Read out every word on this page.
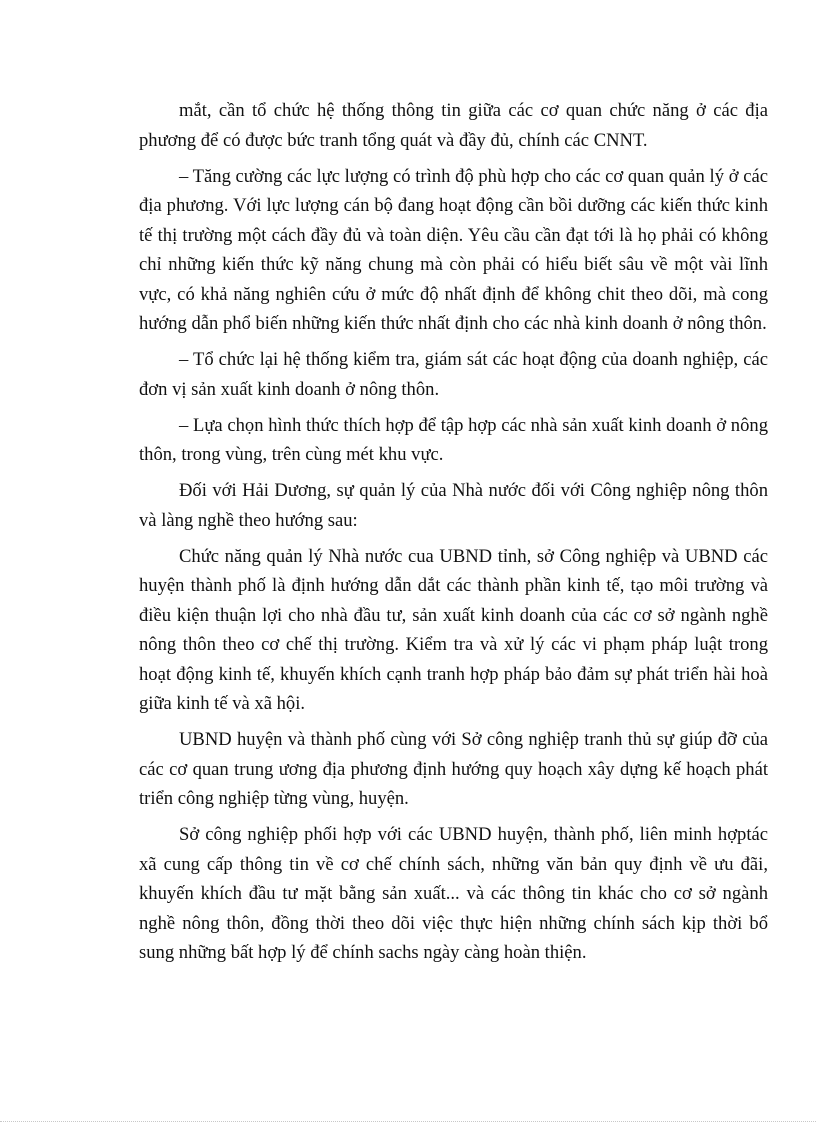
mắt, cần tổ chức hệ thống thông tin giữa các cơ quan chức năng ở các địa phương để có được bức tranh tổng quát và đầy đủ, chính các CNNT.

– Tăng cường các lực lượng có trình độ phù hợp cho các cơ quan quản lý ở các địa phương. Với lực lượng cán bộ đang hoạt động cần bồi dưỡng các kiến thức kinh tế thị trường một cách đầy đủ và toàn diện. Yêu cầu cần đạt tới là họ phải có không chỉ những kiến thức kỹ năng chung mà còn phải có hiểu biết sâu về một vài lĩnh vực, có khả năng nghiên cứu ở mức độ nhất định để không chit theo dõi, mà cong hướng dẫn phổ biến những kiến thức nhất định cho các nhà kinh doanh ở nông thôn.

– Tổ chức lại hệ thống kiểm tra, giám sát các hoạt động của doanh nghiệp, các đơn vị sản xuất kinh doanh ở nông thôn.

– Lựa chọn hình thức thích hợp để tập hợp các nhà sản xuất kinh doanh ở nông thôn, trong vùng, trên cùng mét khu vực.

Đối với Hải Dương, sự quản lý của Nhà nước đối với Công nghiệp nông thôn và làng nghề theo hướng sau:

Chức năng quản lý Nhà nước cua UBND tỉnh, sở Công nghiệp và UBND các huyện thành phố là định hướng dẫn dắt các thành phần kinh tế, tạo môi trường và điều kiện thuận lợi cho nhà đầu tư, sản xuất kinh doanh của các cơ sở ngành nghề nông thôn theo cơ chế thị trường. Kiểm tra và xử lý các vi phạm pháp luật trong hoạt động kinh tế, khuyến khích cạnh tranh hợp pháp bảo đảm sự phát triển hài hoà giữa kinh tế và xã hội.

UBND huyện và thành phố cùng với Sở công nghiệp tranh thủ sự giúp đỡ của các cơ quan trung ương địa phương định hướng quy hoạch xây dựng kế hoạch phát triển công nghiệp từng vùng, huyện.

Sở công nghiệp phối hợp với các UBND huyện, thành phố, liên minh hợptác xã cung cấp thông tin về cơ chế chính sách, những văn bản quy định về ưu đãi, khuyến khích đầu tư mặt bằng sản xuất... và các thông tin khác cho cơ sở ngành nghề nông thôn, đồng thời theo dõi việc thực hiện những chính sách kịp thời bổ sung những bất hợp lý để chính sachs ngày càng hoàn thiện.
